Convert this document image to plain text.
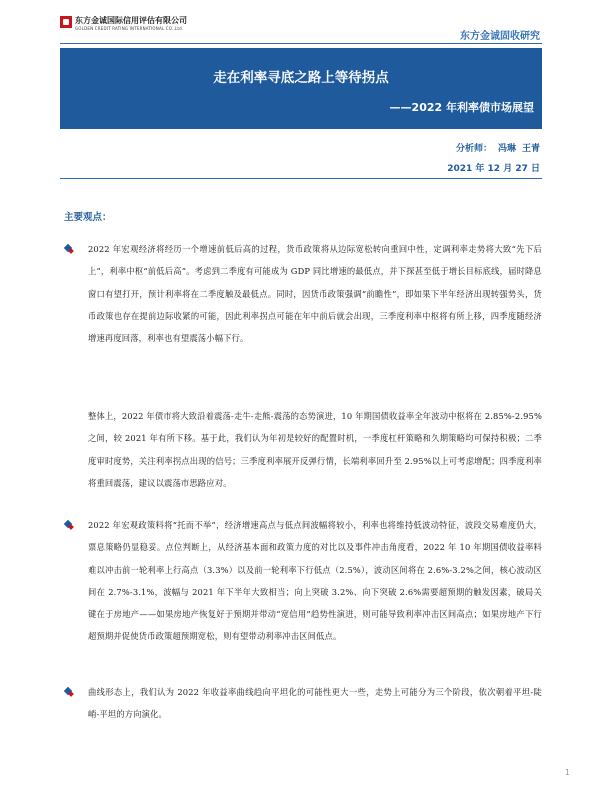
东方金诚国际信用评估有限公司
GOLDEN CREDIT RATING INTERNATIONAL CO.,Ltd.
东方金诚固收研究
走在利率寻底之路上等待拐点
——2022 年利率债市场展望
分析师： 冯琳 王青
2021 年 12 月 27 日
主要观点：
2022 年宏观经济将经历一个增速前低后高的过程，货币政策将从边际宽松转向重回中性，定调利率走势将大致“先下后上”，利率中枢“前低后高”。考虑到二季度有可能成为 GDP 同比增速的最低点，并下探甚至低于增长目标底线，届时降息窗口有望打开，预计利率将在二季度触及最低点。同时，因货币政策强调“前瞻性”，即如果下半年经济出现转强势头，货币政策也存在提前边际收紧的可能，因此利率拐点可能在年中前后就会出现，三季度利率中枢将有所上移，四季度随经济增速再度回落，利率也有望震荡小幅下行。
整体上，2022 年债市将大致沿着震荡-走牛-走熊-震荡的态势演进，10 年期国债收益率全年波动中枢将在 2.85%-2.95%之间，较 2021 年有所下移。基于此，我们认为年初是较好的配置时机，一季度杠杆策略和久期策略均可保持积极；二季度审时度势，关注利率拐点出现的信号；三季度利率展开反弹行情，长端利率回升至 2.95%以上可考虑增配；四季度利率将重回震荡，建议以震荡市思路应对。
2022 年宏观政策料将“托而不举”，经济增速高点与低点间波幅将较小，利率也将维持低波动特征，波段交易难度仍大，票息策略仍显稳妥。点位判断上，从经济基本面和政策力度的对比以及事件冲击角度看，2022 年 10 年期国债收益率料难以冲击前一轮利率上行高点（3.3%）以及前一轮利率下行低点（2.5%），波动区间将在 2.6%-3.2%之间，核心波动区间在 2.7%-3.1%，波幅与 2021 年下半年大致相当；向上突破 3.2%、向下突破 2.6%需要超预期的触发因素，破局关键在于房地产——如果房地产恢复好于预期并带动“宽信用”趋势性演进，则可能导致利率冲击区间高点；如果房地产下行超预期并促使货币政策超预期宽松，则有望带动利率冲击区间低点。
曲线形态上，我们认为 2022 年收益率曲线趋向平坦化的可能性更大一些，走势上可能分为三个阶段，依次朝着平坦-陡峭-平坦的方向演化。
1
